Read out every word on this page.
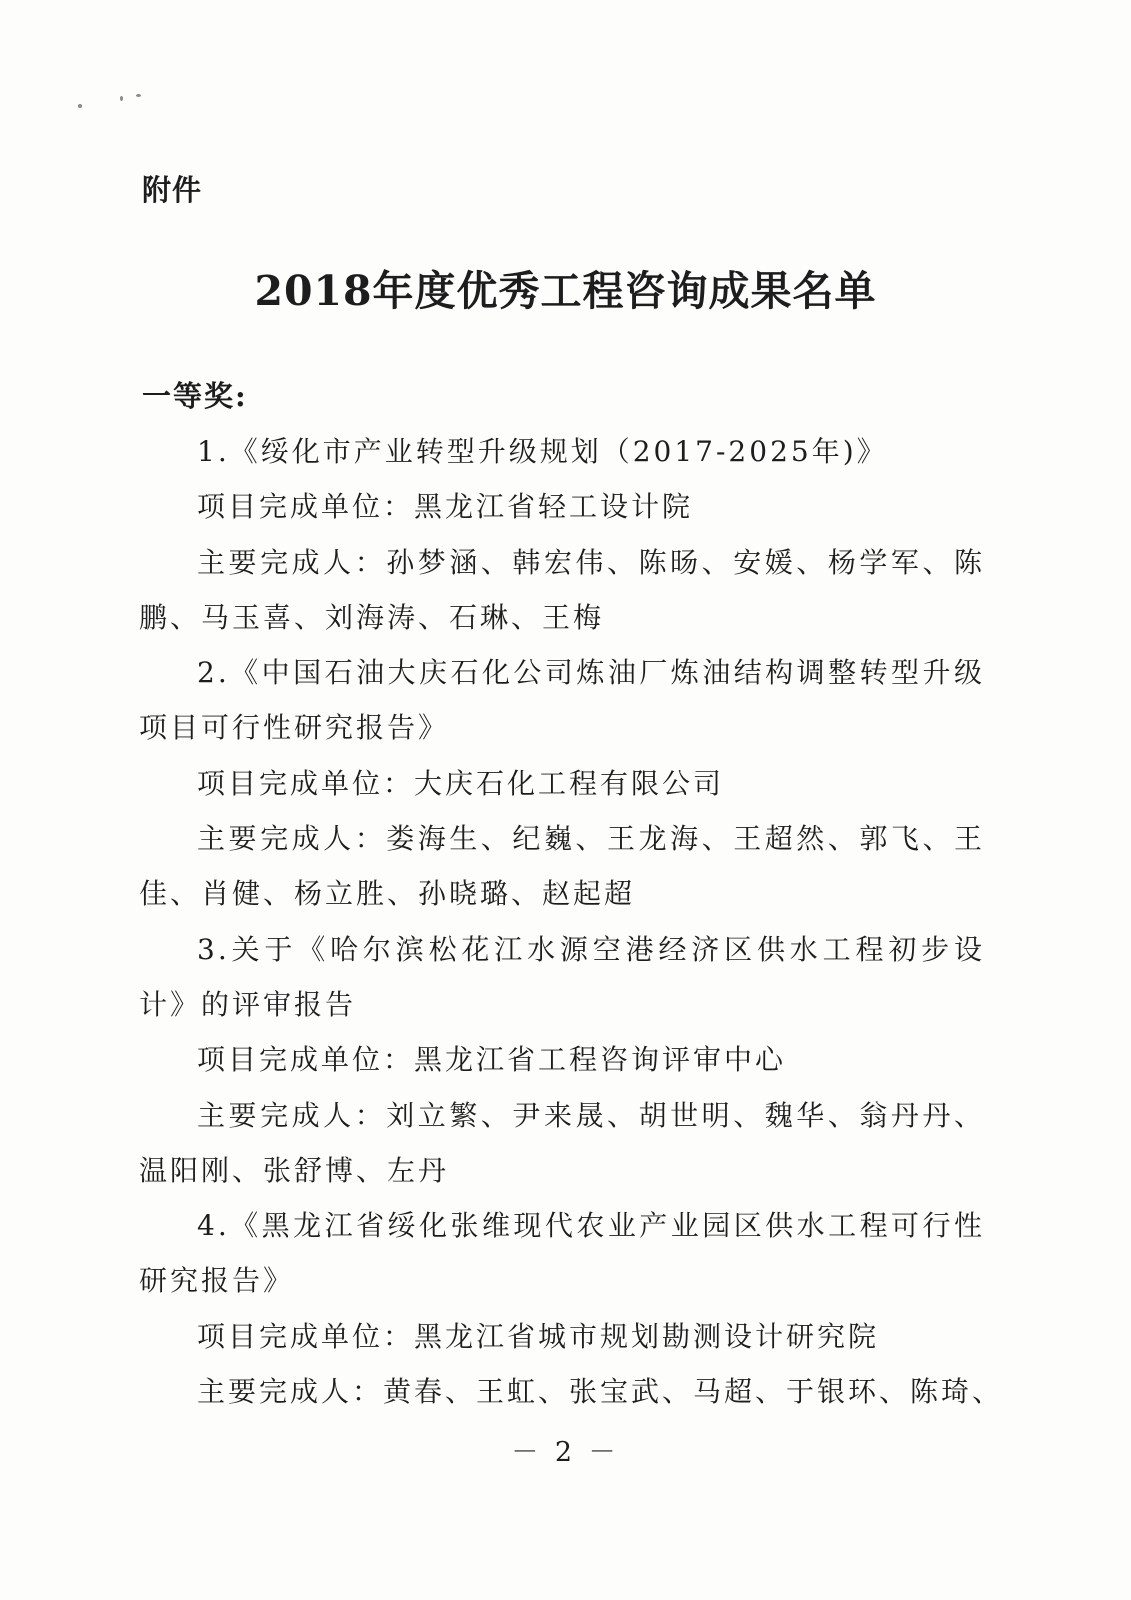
附件
2018年度优秀工程咨询成果名单
一等奖:

1.《绥化市产业转型升级规划（2017-2025年)》

项目完成单位：黑龙江省轻工设计院

主要完成人：孙梦涵、韩宏伟、陈旸、安媛、杨学军、陈鹏、马玉喜、刘海涛、石琳、王梅

2.《中国石油大庆石化公司炼油厂炼油结构调整转型升级项目可行性研究报告》

项目完成单位：大庆石化工程有限公司

主要完成人：娄海生、纪巍、王龙海、王超然、郭飞、王佳、肖健、杨立胜、孙晓璐、赵起超

3.关于《哈尔滨松花江水源空港经济区供水工程初步设计》的评审报告

项目完成单位：黑龙江省工程咨询评审中心

主要完成人：刘立繁、尹来晟、胡世明、魏华、翁丹丹、温阳刚、张舒博、左丹

4.《黑龙江省绥化张维现代农业产业园区供水工程可行性研究报告》

项目完成单位：黑龙江省城市规划勘测设计研究院

主要完成人：黄春、王虹、张宝武、马超、于银环、陈琦、

－ 2 －
